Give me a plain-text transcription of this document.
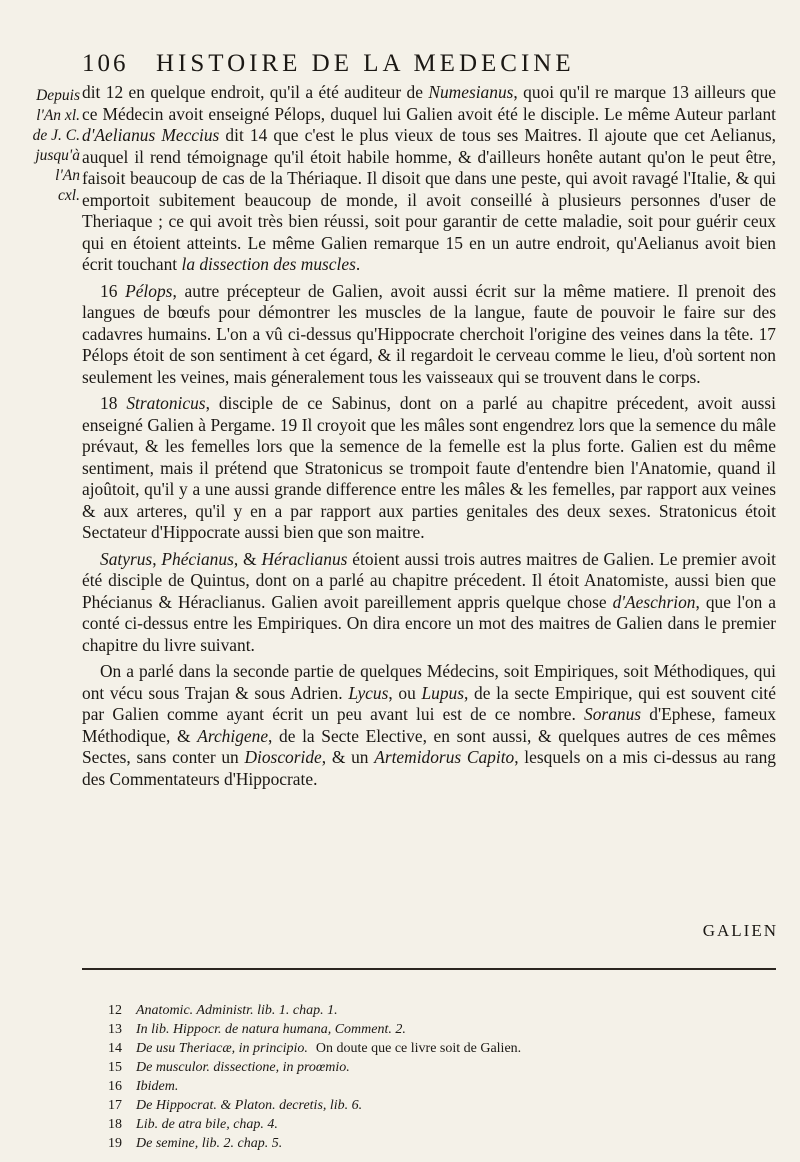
106 HISTOIRE DE LA MEDECINE
Depuis
l'An xl.
de J. C.
jusqu'à
l'An
cxl.

dit 12 en quelque endroit, qu'il a été auditeur de Numesianus, quoi qu'il re marque 13 ailleurs que ce Médecin avoit enseigné Pélops, duquel lui Galien avoit été le disciple. Le même Auteur parlant d'Aelianus Meccius dit 14 que c'est le plus vieux de tous ses Maitres. Il ajoute que cet Aelianus, auquel il rend témoignage qu'il étoit habile homme, & d'ailleurs honête autant qu'on le peut être, faisoit beaucoup de cas de la Thériaque. Il disoit que dans une peste, qui avoit ravagé l'Italie, & qui emportoit subitement beaucoup de monde, il avoit conseillé à plusieurs personnes d'user de Theriaque ; ce qui avoit très bien réussi, soit pour garantir de cette maladie, soit pour guérir ceux qui en étoient atteints. Le même Galien remarque 15 en un autre endroit, qu'Aelianus avoit bien écrit touchant la dissection des muscles.

16 Pélops, autre précepteur de Galien, avoit aussi écrit sur la même matiere. Il prenoit des langues de bœufs pour démontrer les muscles de la langue, faute de pouvoir le faire sur des cadavres humains. L'on a vû ci-dessus qu'Hippocrate cherchoit l'origine des veines dans la tête. 17 Pélops étoit de son sentiment à cet égard, & il regardoit le cerveau comme le lieu, d'où sortent non seulement les veines, mais géneralement tous les vaisseaux qui se trouvent dans le corps.

18 Stratonicus, disciple de ce Sabinus, dont on a parlé au chapitre précedent, avoit aussi enseigné Galien à Pergame. 19 Il croyoit que les mâles sont engendrez lors que la semence du mâle prévaut, & les femelles lors que la semence de la femelle est la plus forte. Galien est du même sentiment, mais il prétend que Stratonicus se trompoit faute d'entendre bien l'Anatomie, quand il ajoûtoit, qu'il y a une aussi grande difference entre les mâles & les femelles, par rapport aux veines & aux arteres, qu'il y en a par rapport aux parties genitales des deux sexes. Stratonicus étoit Sectateur d'Hippocrate aussi bien que son maitre.

Satyrus, Phécianus, & Héraclianus étoient aussi trois autres maitres de Galien. Le premier avoit été disciple de Quintus, dont on a parlé au chapitre précedent. Il étoit Anatomiste, aussi bien que Phécianus & Héraclianus. Galien avoit pareillement appris quelque chose d'Aeschrion, que l'on a conté ci-dessus entre les Empiriques. On dira encore un mot des maitres de Galien dans le premier chapitre du livre suivant.

On a parlé dans la seconde partie de quelques Médecins, soit Empiriques, soit Méthodiques, qui ont vécu sous Trajan & sous Adrien. Lycus, ou Lupus, de la secte Empirique, qui est souvent cité par Galien comme ayant écrit un peu avant lui est de ce nombre. Soranus d'Ephese, fameux Méthodique, & Archigene, de la Secte Elective, en sont aussi, & quelques autres de ces mêmes Sectes, sans conter un Dioscoride, & un Artemidorus Capito, lesquels on a mis ci-dessus au rang des Commentateurs d'Hippocrate.

GALIEN
12	Anatomic. Administr. lib. 1. chap. 1.
13	In lib. Hippocr. de natura humana, Comment. 2.
14	De usu Theriacæ, in principio. On doute que ce livre soit de Galien.
15	De musculor. dissectione, in proœmio.
16	Ibidem.
17	De Hippocrat. & Platon. decretis, lib. 6.
18	Lib. de atra bile, chap. 4.
19	De semine, lib. 2. chap. 5.
